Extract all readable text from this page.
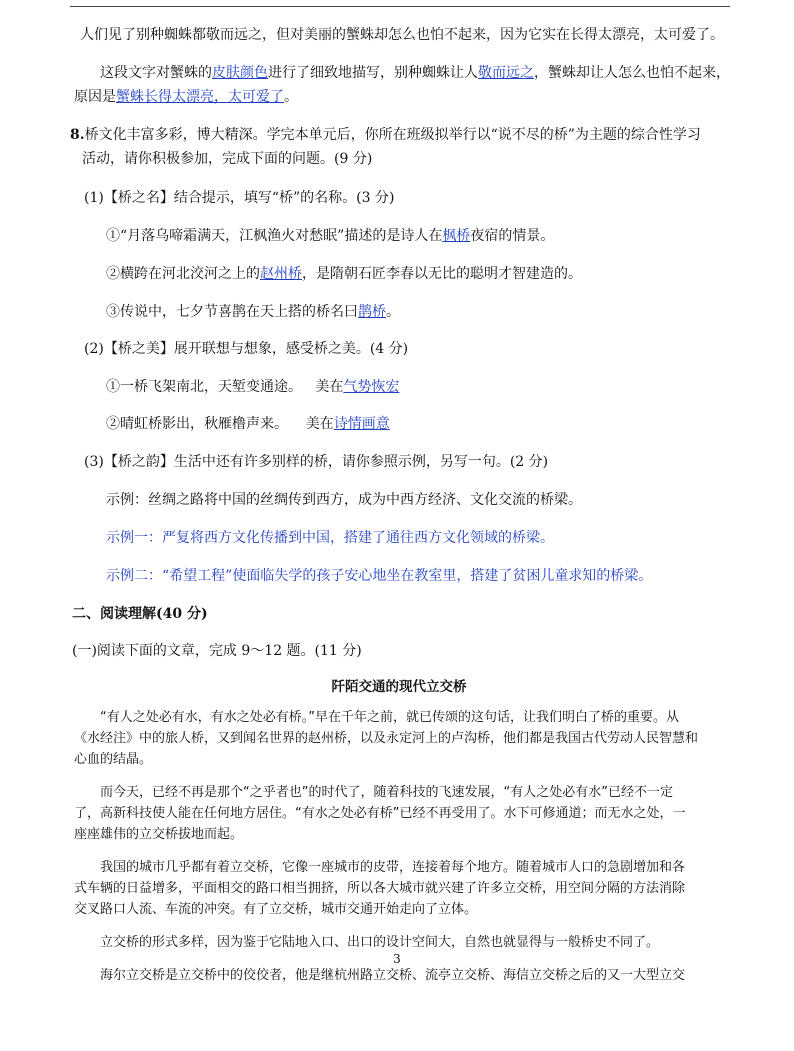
人们见了别种蜘蛛都敬而远之，但对美丽的蟹蛛却怎么也怕不起来，因为它实在长得太漂亮，太可爱了。

这段文字对蟹蛛的皮肤颜色进行了细致地描写，别种蜘蛛让人敬而远之，蟹蛛却让人怎么也怕不起来，

原因是蟹蛛长得太漂亮，太可爱了。

8.桥文化丰富多彩，博大精深。学完本单元后，你所在班级拟举行以“说不尽的桥”为主题的综合性学习

活动，请你积极参加，完成下面的问题。(9 分)

(1)【桥之名】结合提示，填写“桥”的名称。(3 分)

①“月落乌啼霜满天，江枫渔火对愁眠”描述的是诗人在枫桥夜宿的情景。

②横跨在河北洨河之上的赵州桥，是隋朝石匠李春以无比的聪明才智建造的。

③传说中，七夕节喜鹊在天上搭的桥名曰鹊桥。

(2)【桥之美】展开联想与想象，感受桥之美。(4 分)

①一桥飞架南北，天堑变通途。   美在气势恢宏

②晴虹桥影出，秋雁橹声来。    美在诗情画意

(3)【桥之韵】生活中还有许多别样的桥，请你参照示例，另写一句。(2 分)

示例：丝绸之路将中国的丝绸传到西方，成为中西方经济、文化交流的桥梁。

示例一：严复将西方文化传播到中国，搭建了通往西方文化领域的桥梁。

示例二：“希望工程”使面临失学的孩子安心地坐在教室里，搭建了贫困儿童求知的桥梁。

二、阅读理解(40 分)

(一)阅读下面的文章，完成 9～12 题。(11 分)

阡陌交通的现代立交桥

“有人之处必有水，有水之处必有桥。”早在千年之前，就已传颂的这句话，让我们明白了桥的重要。从

《水经注》中的旅人桥，又到闻名世界的赵州桥，以及永定河上的卢沟桥，他们都是我国古代劳动人民智慧和

心血的结晶。

而今天，已经不再是那个“之乎者也”的时代了，随着科技的飞速发展，“有人之处必有水”已经不一定

了，高新科技使人能在任何地方居住。“有水之处必有桥”已经不再受用了。水下可修通道；而无水之处，一

座座雄伟的立交桥拔地而起。

我国的城市几乎都有着立交桥，它像一座城市的皮带，连接着每个地方。随着城市人口的急剧增加和各

式车辆的日益增多，平面相交的路口相当拥挤，所以各大城市就兴建了许多立交桥，用空间分隔的方法消除

交叉路口人流、车流的冲突。有了立交桥，城市交通开始走向了立体。

立交桥的形式多样，因为鉴于它陆地入口、出口的设计空间大，自然也就显得与一般桥史不同了。

海尔立交桥是立交桥中的佼佼者，他是继杭州路立交桥、流亭立交桥、海信立交桥之后的又一大型立交

3
